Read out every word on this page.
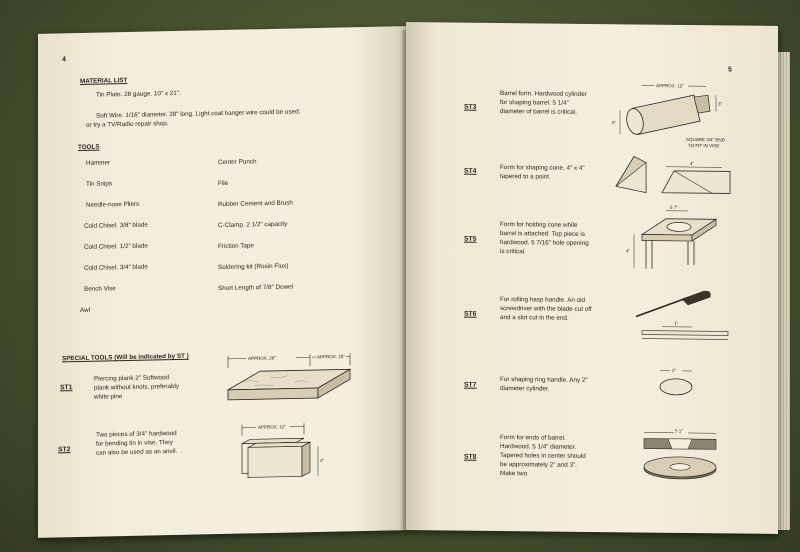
4
MATERIAL LIST
Tin Plate. 28 gauge. 10" x 21".
Soft Wire. 1/16" diameter. 28" long. Light coat hanger wire could be used,
or try a TV/Radio repair shop.
TOOLS
Hammer
Tin Snips
Needle-nose Pliers
Cold Chisel. 3/8" blade
Cold Chisel. 1/2" blade
Cold Chisel. 3/4" blade
Bench Vise
Awl
Center Punch
File
Rubber Cement and Brush
C-Clamp. 2 1/2" capacity
Friction Tape
Soldering kit (Rosin Flux)
Short Length of 7/8" Dowel
SPECIAL TOOLS (Will be indicated by ST )
ST1
Piercing plank 2" Softwood plank without knots, preferably white pine
APPROX. 28"	APPROX. 18"
ST2
Two pieces of 3/4" hardwood for bending tin in vise. They can also be used as an anvil.
APPROX. 12"
3"
5
ST3
Barrel form. Hardwood cylinder for shaping barrel. 5 1/4" diameter of barrel is critical.
APPROX. 12"
3"
5"
SQUARE 3/4" END
TO FIT IN VISE
ST4	Form for shaping cone. 4" x 4" tapered to a point.
4"
ST5
Form for holding cone while barrel is attached. Top piece is hardwood. 5 7/16" hole opening is critical.
5 7"
4"
ST6
For rolling hasp handle. An old screwdriver with the blade cut off and a slot cut in the end.
1"
ST7
For shaping ring handle. Any 2" diameter cylinder.
2"
ST8
Form for ends of barrel. Hardwood. 5 1/4" diameter. Tapered holes in center should be approximately 2" and 3". Make two.
5 1"
